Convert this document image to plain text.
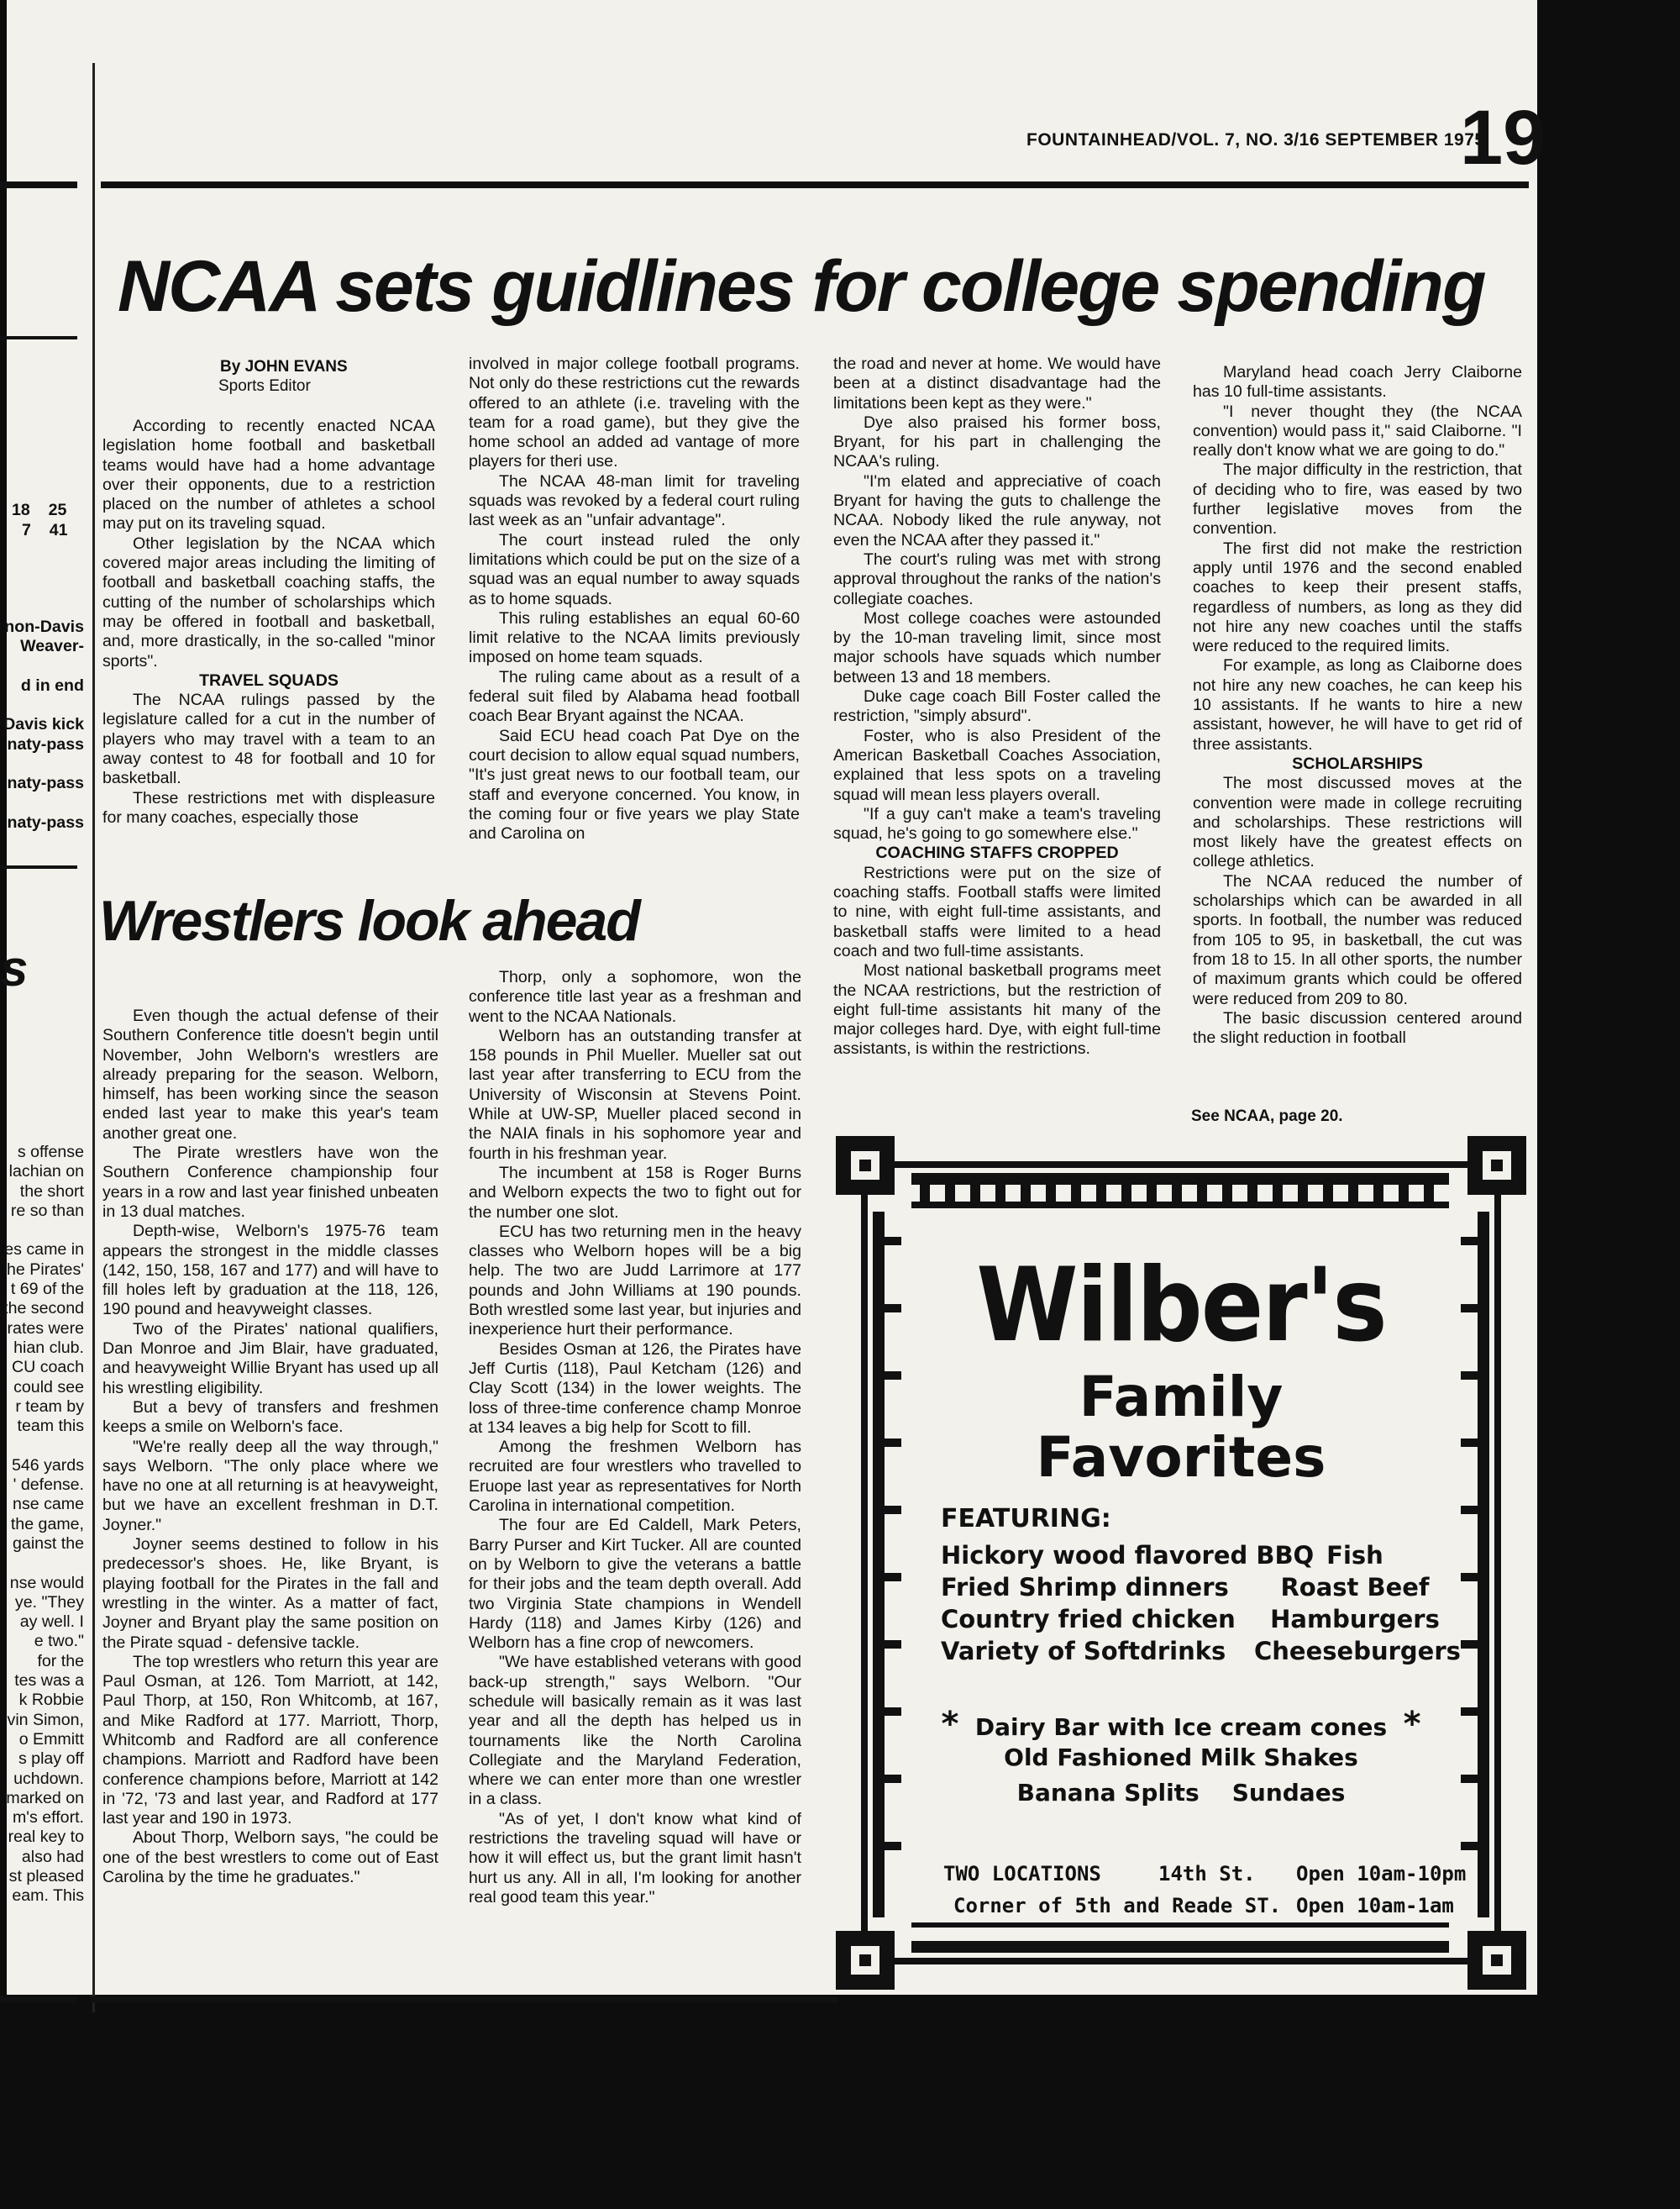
FOUNTAINHEAD/VOL. 7, NO. 3/16 SEPTEMBER 1975
19
NCAA sets guidlines for college spending
By JOHN EVANS
Sports Editor

According to recently enacted NCAA legislation home football and basketball teams would have had a home advantage over their opponents, due to a restriction placed on the number of athletes a school may put on its traveling squad.

Other legislation by the NCAA which covered major areas including the limiting of football and basketball coaching staffs, the cutting of the number of scholarships which may be offered in football and basketball, and, more drastically, in the so-called "minor sports".

TRAVEL SQUADS

The NCAA rulings passed by the legislature called for a cut in the number of players who may travel with a team to an away contest to 48 for football and 10 for basketball.

These restrictions met with displeasure for many coaches, especially those

involved in major college football programs. Not only do these restrictions cut the rewards offered to an athlete (i.e. traveling with the team for a road game), but they give the home school an added ad vantage of more players for theri use.

The NCAA 48-man limit for traveling squads was revoked by a federal court ruling last week as an "unfair advantage".

The court instead ruled the only limitations which could be put on the size of a squad was an equal number to away squads as to home squads.

This ruling establishes an equal 60-60 limit relative to the NCAA limits previously imposed on home team squads.

The ruling came about as a result of a federal suit filed by Alabama head football coach Bear Bryant against the NCAA.

Said ECU head coach Pat Dye on the court decision to allow equal squad numbers, "It's just great news to our football team, our staff and everyone concerned. You know, in the coming four or five years we play State and Carolina on

the road and never at home. We would have been at a distinct disadvantage had the limitations been kept as they were."

Dye also praised his former boss, Bryant, for his part in challenging the NCAA's ruling.

"I'm elated and appreciative of coach Bryant for having the guts to challenge the NCAA. Nobody liked the rule anyway, not even the NCAA after they passed it."

The court's ruling was met with strong approval throughout the ranks of the nation's collegiate coaches.

Most college coaches were astounded by the 10-man traveling limit, since most major schools have squads which number between 13 and 18 members.

Duke cage coach Bill Foster called the restriction, "simply absurd".

Foster, who is also President of the American Basketball Coaches Association, explained that less spots on a traveling squad will mean less players overall.

"If a guy can't make a team's traveling squad, he's going to go somewhere else."

COACHING STAFFS CROPPED

Restrictions were put on the size of coaching staffs. Football staffs were limited to nine, with eight full-time assistants, and basketball staffs were limited to a head coach and two full-time assistants.

Most national basketball programs meet the NCAA restrictions, but the restriction of eight full-time assistants hit many of the major colleges hard. Dye, with eight full-time assistants, is within the restrictions.

Maryland head coach Jerry Claiborne has 10 full-time assistants.

"I never thought they (the NCAA convention) would pass it," said Claiborne. "I really don't know what we are going to do."

The major difficulty in the restriction, that of deciding who to fire, was eased by two further legislative moves from the convention.

The first did not make the restriction apply until 1976 and the second enabled coaches to keep their present staffs, regardless of numbers, as long as they did not hire any new coaches until the staffs were reduced to the required limits.

For example, as long as Claiborne does not hire any new coaches, he can keep his 10 assistants. If he wants to hire a new assistant, however, he will have to get rid of three assistants.

SCHOLARSHIPS

The most discussed moves at the convention were made in college recruiting and scholarships. These restrictions will most likely have the greatest effects on college athletics.

The NCAA reduced the number of scholarships which can be awarded in all sports. In football, the number was reduced from 105 to 95, in basketball, the cut was from 18 to 15. In all other sports, the number of maximum grants which could be offered were reduced from 209 to 80.

The basic discussion centered around the slight reduction in football

See NCAA, page 20.
Wrestlers look ahead

Even though the actual defense of their Southern Conference title doesn't begin until November, John Welborn's wrestlers are already preparing for the season. Welborn, himself, has been working since the season ended last year to make this year's team another great one.

The Pirate wrestlers have won the Southern Conference championship four years in a row and last year finished unbeaten in 13 dual matches.

Depth-wise, Welborn's 1975-76 team appears the strongest in the middle classes (142, 150, 158, 167 and 177) and will have to fill holes left by graduation at the 118, 126, 190 pound and heavyweight classes.

Two of the Pirates' national qualifiers, Dan Monroe and Jim Blair, have graduated, and heavyweight Willie Bryant has used up all his wrestling eligibility.

But a bevy of transfers and freshmen keeps a smile on Welborn's face.

"We're really deep all the way through," says Welborn. "The only place where we have no one at all returning is at heavyweight, but we have an excellent freshman in D.T. Joyner."

Joyner seems destined to follow in his predecessor's shoes. He, like Bryant, is playing football for the Pirates in the fall and wrestling in the winter. As a matter of fact, Joyner and Bryant play the same position on the Pirate squad - defensive tackle.

The top wrestlers who return this year are Paul Osman, at 126. Tom Marriott, at 142, Paul Thorp, at 150, Ron Whitcomb, at 167, and Mike Radford at 177. Marriott, Thorp, Whitcomb and Radford are all conference champions. Marriott and Radford have been conference champions before, Marriott at 142 in '72, '73 and last year, and Radford at 177 last year and 190 in 1973.

About Thorp, Welborn says, "he could be one of the best wrestlers to come out of East Carolina by the time he graduates."

Thorp, only a sophomore, won the conference title last year as a freshman and went to the NCAA Nationals.

Welborn has an outstanding transfer at 158 pounds in Phil Mueller. Mueller sat out last year after transferring to ECU from the University of Wisconsin at Stevens Point. While at UW-SP, Mueller placed second in the NAIA finals in his sophomore year and fourth in his freshman year.

The incumbent at 158 is Roger Burns and Welborn expects the two to fight out for the number one slot.

ECU has two returning men in the heavy classes who Welborn hopes will be a big help. The two are Judd Larrimore at 177 pounds and John Williams at 190 pounds. Both wrestled some last year, but injuries and inexperience hurt their performance.

Besides Osman at 126, the Pirates have Jeff Curtis (118), Paul Ketcham (126) and Clay Scott (134) in the lower weights. The loss of three-time conference champ Monroe at 134 leaves a big help for Scott to fill.

Among the freshmen Welborn has recruited are four wrestlers who travelled to Eruope last year as representatives for North Carolina in international competition.

The four are Ed Caldell, Mark Peters, Barry Purser and Kirt Tucker. All are counted on by Welborn to give the veterans a battle for their jobs and the team depth overall. Add two Virginia State champions in Wendell Hardy (118) and James Kirby (126) and Welborn has a fine crop of newcomers.

"We have established veterans with good back-up strength," says Welborn. "Our schedule will basically remain as it was last year and all the depth has helped us in tournaments like the North Carolina Collegiate and the Maryland Federation, where we can enter more than one wrestler in a class.

"As of yet, I don't know what kind of restrictions the traveling squad will have or how it will effect us, but the grant limit hasn't hurt us any. All in all, I'm looking for another real good team this year."

18 25
7 41
non-Davis
Weaver-

d in end

Davis kick
naty-pass

naty-pass

naty-pass
s
s offense
lachian on
the short
re so than

es came in
he Pirates'
t 69 of the
the second
rates were
hian club.
CU coach
could see
r team by
team this

546 yards
' defense.
nse came
the game,
gainst the

nse would
ye. "They
ay well. I
e two."
for the
tes was a
k Robbie
vin Simon,
o Emmitt
s play off
uchdown.
marked on
m's effort.
real key to
also had
st pleased
eam. This
Wilber's
Family
Favorites
FEATURING:
Hickory wood flavored BBQ
Fried Shrimp dinners
Country fried chicken
Variety of Softdrinks
Fish
Roast Beef
Hamburgers
Cheeseburgers
* Dairy Bar with Ice cream cones *
Old Fashioned Milk Shakes
Banana Splits Sundaes
TWO LOCATIONS	14th St. Open 10am-10pm
Corner of 5th and Reade ST. Open 10am-1am
